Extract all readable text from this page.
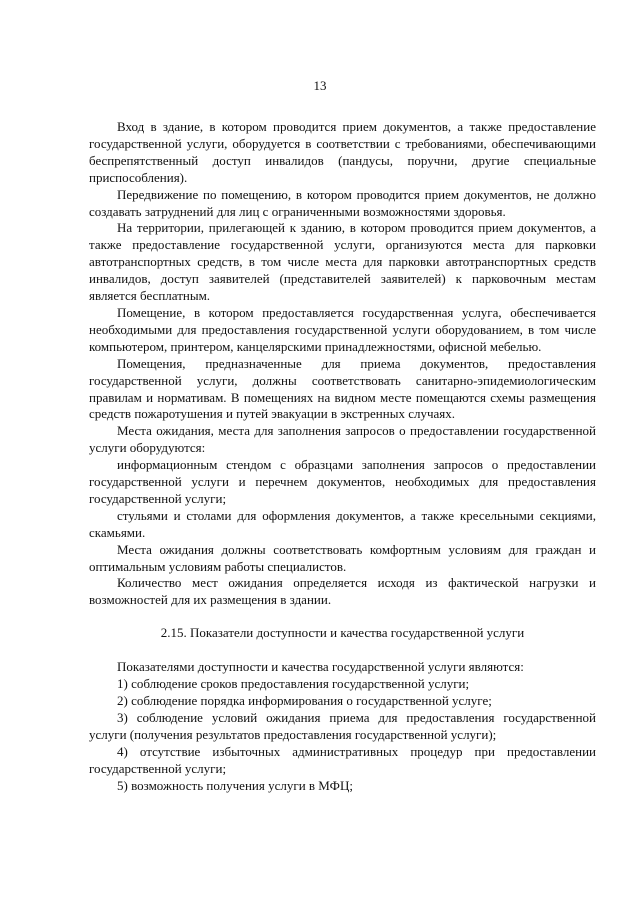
13

Вход в здание, в котором проводится прием документов, а также предоставление государственной услуги, оборудуется в соответствии с требованиями, обеспечивающими беспрепятственный доступ инвалидов (пандусы, поручни, другие специальные приспособления).

Передвижение по помещению, в котором проводится прием документов, не должно создавать затруднений для лиц с ограниченными возможностями здоровья.

На территории, прилегающей к зданию, в котором проводится прием документов, а также предоставление государственной услуги, организуются места для парковки автотранспортных средств, в том числе места для парковки автотранспортных средств инвалидов, доступ заявителей (представителей заявителей) к парковочным местам является бесплатным.

Помещение, в котором предоставляется государственная услуга, обеспечивается необходимыми для предоставления государственной услуги оборудованием, в том числе компьютером, принтером, канцелярскими принадлежностями, офисной мебелью.

Помещения, предназначенные для приема документов, предоставления государственной услуги, должны соответствовать санитарно-эпидемиологическим правилам и нормативам. В помещениях на видном месте помещаются схемы размещения средств пожаротушения и путей эвакуации в экстренных случаях.

Места ожидания, места для заполнения запросов о предоставлении государственной услуги оборудуются:

информационным стендом с образцами заполнения запросов о предоставлении государственной услуги и перечнем документов, необходимых для предоставления государственной услуги;

стульями и столами для оформления документов, а также кресельными секциями, скамьями.

Места ожидания должны соответствовать комфортным условиям для граждан и оптимальным условиям работы специалистов.

Количество мест ожидания определяется исходя из фактической нагрузки и возможностей для их размещения в здании.

2.15. Показатели доступности и качества государственной услуги

Показателями доступности и качества государственной услуги являются:

1) соблюдение сроков предоставления государственной услуги;

2) соблюдение порядка информирования о государственной услуге;

3) соблюдение условий ожидания приема для предоставления государственной услуги (получения результатов предоставления государственной услуги);

4) отсутствие избыточных административных процедур при предоставлении государственной услуги;

5) возможность получения услуги в МФЦ;
